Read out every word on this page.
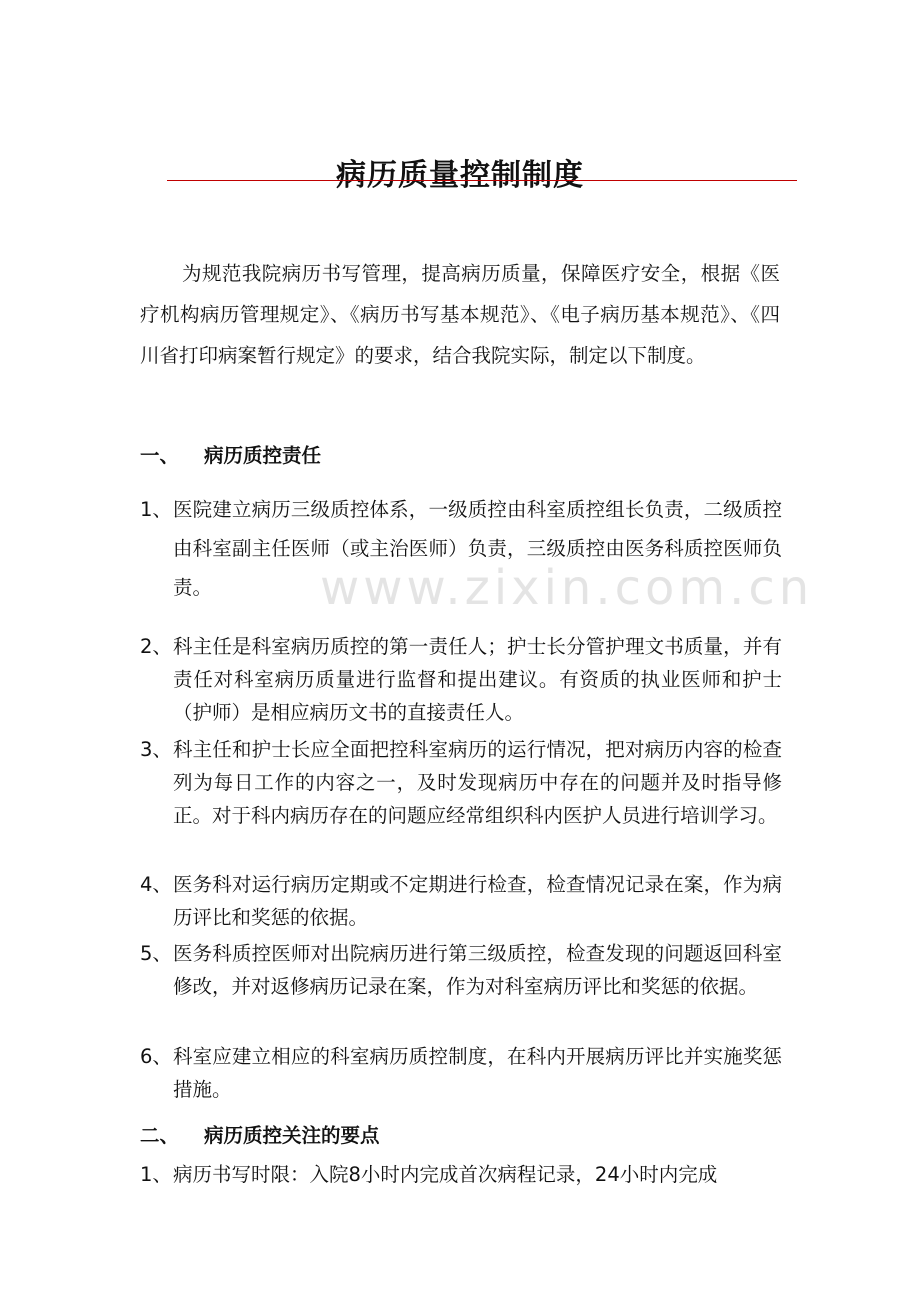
病历质量控制制度

为规范我院病历书写管理，提高病历质量，保障医疗安全，根据《医疗机构病历管理规定》、《病历书写基本规范》、《电子病历基本规范》、《四川省打印病案暂行规定》的要求，结合我院实际，制定以下制度。

www.zixin.com.cn

一、 病历质控责任

1、 医院建立病历三级质控体系，一级质控由科室质控组长负责，二级质控由科室副主任医师（或主治医师）负责，三级质控由医务科质控医师负责。
2、 科主任是科室病历质控的第一责任人；护士长分管护理文书质量，并有责任对科室病历质量进行监督和提出建议。有资质的执业医师和护士（护师）是相应病历文书的直接责任人。
3、 科主任和护士长应全面把控科室病历的运行情况，把对病历内容的检查列为每日工作的内容之一，及时发现病历中存在的问题并及时指导修正。对于科内病历存在的问题应经常组织科内医护人员进行培训学习。
4、 医务科对运行病历定期或不定期进行检查，检查情况记录在案，作为病历评比和奖惩的依据。
5、 医务科质控医师对出院病历进行第三级质控，检查发现的问题返回科室修改，并对返修病历记录在案，作为对科室病历评比和奖惩的依据。
6、 科室应建立相应的科室病历质控制度，在科内开展病历评比并实施奖惩措施。

二、 病历质控关注的要点

1、 病历书写时限：入院8小时内完成首次病程记录，24小时内完成
